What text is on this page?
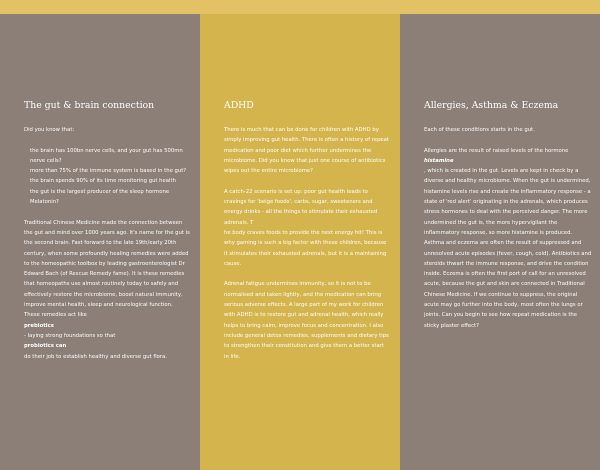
The gut & brain connection

Did you know that:

the brain has 100bn nerve cells, and your gut has 500mn nerve cells?

more than 75% of the immune system is based in the gut?

the brain spends 90% of its time monitoring gut health

the gut is the largest producer of the sleep hormone Melatonin?

Traditional Chinese Medicine made the connection between the gut and mind over 1000 years ago. It's name for the gut is the second brain. Fast forward to the late 19th/early 20th century, when some profoundly healing remedies were added to the homeopathic toolbox by leading gastroenterologist Dr Edward Bach (of Rescue Remedy fame). It is these remedies that homeopaths use almost routinely today to safely and effectively restore the microbiome, boost natural immunity, improve mental health, sleep and neurological function. These remedies act like

prebiotics

- laying strong foundations so that

probiotics can

do their job to establish healthy and diverse gut flora.

ADHD

There is much that can be done for children with ADHD by simply improving gut health. There is often a history of repeat medication and poor diet which further undermines the microbiome. Did you know that just one course of antibiotics wipes out the entire microbiome?

A catch-22 scenario is set up: poor gut health leads to cravings for 'beige foods', carbs, sugar, sweeteners and energy drinks - all the things to stimulate their exhausted adrenals. T

he body craves foods to provide the next energy hit! This is why gaming is such a big factor with these children, because it stimulates their exhausted adrenals, but it is a maintaining cause.

Adrenal fatigue undermines immunity, so it is not to be normalised and taken lightly, and the medication can bring serious adverse effects. A large part of my work for children with ADHD is to restore gut and adrenal health, which really helps to bring calm, improve focus and concentration. I also include general detox remedies, supplements and dietary tips to strengthen their constitution and give them a better start in life.

Allergies, Asthma & Eczema

Each of these conditions starts in the gut.

Allergies are the result of raised levels of the hormone

histamine

, which is created in the gut. Levels are kept in check by a diverse and healthy microbiome. When the gut is undermined, histamine levels rise and create the inflammatory response - a state of 'red alert' originating in the adrenals, which produces stress hormones to deal with the perceived danger. The more undermined the gut is, the more hypervigilant the inflammatory response, so more histamine is produced.

Asthma and eczema are often the result of suppressed and unresolved acute episodes (fever, cough, cold). Antibiotics and steroids thwart the immune response, and drive the condition inside. Eczema is often the first port of call for an unresolved acute, because the gut and skin are connected in Traditional Chinese Medicine. If we continue to suppress, the original acute may go further into the body, most often the lungs or joints. Can you begin to see how repeat medication is the sticky plaster effect?
